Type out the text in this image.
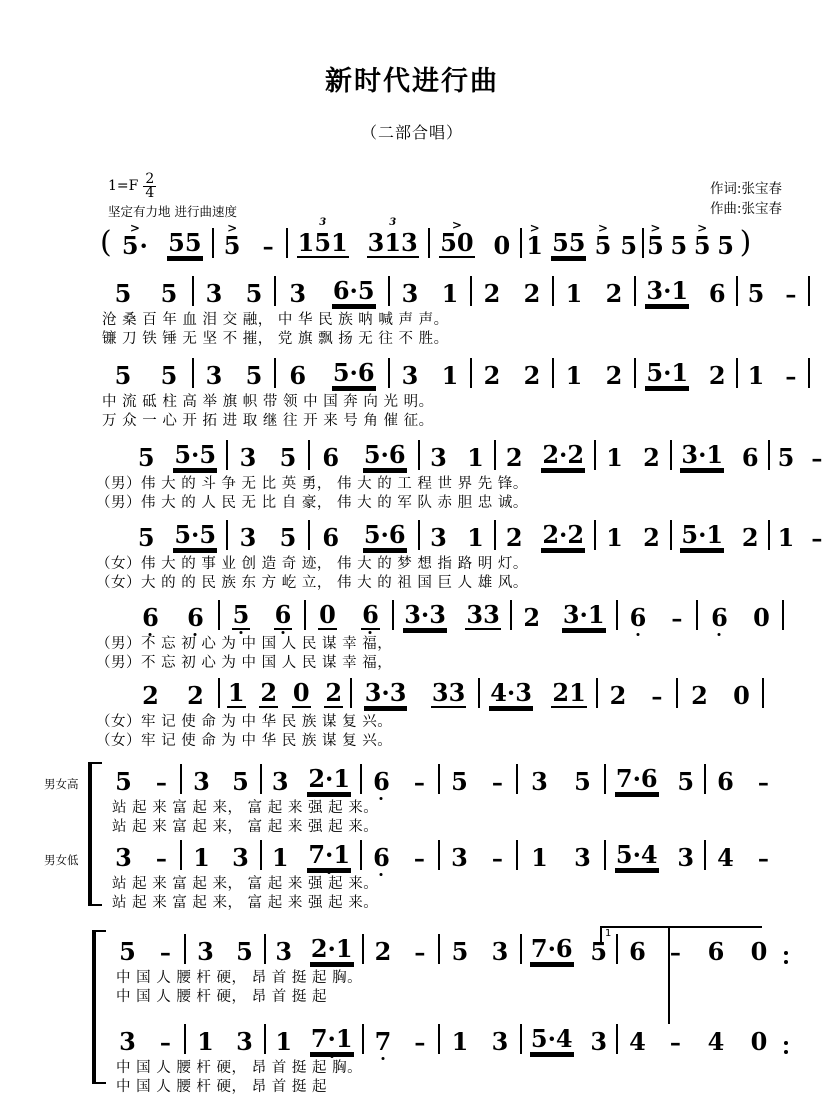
新时代进行曲
（二部合唱）
$1=F \frac{2}{4}$
坚定有力地 进行曲速度
作词:张宝春
作曲:张宝春
( 5
>
· 55 5
>
– 151
3
313
3
50
>
0 1
> 55 5
>
5 5
>
5 5
>
5 )
5 5 3 5 3 6·5 3 1 2 2 1 2 3·1 6 5 –
沧 桑 百 年 血 泪 交 融， 中 华 民 族 呐 喊 声 声。
镰 刀 铁 锤 无 坚 不 摧， 党 旗 飘 扬 无 往 不 胜。
5 5 3 5 6 5·6 3 1 2 2 1 2 5·1 2 1 –
中 流 砥 柱 高 举 旗 帜 带 领 中 国 奔 向 光 明。
万 众 一 心 开 拓 进 取 继 往 开 来 号 角 催 征。
5 5·5 3 5 6 5·6 3 1 2 2·2 1 2 3·1 6 5 –
（男）伟 大 的 斗 争 无 比 英 勇， 伟 大 的 工 程 世 界 先 锋。
（男）伟 大 的 人 民 无 比 自 豪， 伟 大 的 军 队 赤 胆 忠 诚。
5 5·5 3 5 6 5·6 3 1 2 2·2 1 2 5·1 2 1 –
（女）伟 大 的 事 业 创 造 奇 迹， 伟 大 的 梦 想 指 路 明 灯。
（女）大 的 的 民 族 东 方 屹 立， 伟 大 的 祖 国 巨 人 雄 风。
6 6 5 6 0 6 3·3 33 2 3·1 6 – 6 0
（男）不 忘 初 心 为 中 国 人 民 谋 幸 福，
（男）不 忘 初 心 为 中 国 人 民 谋 幸 福，
2 2 1 2 0 2 3·3 33 4·3 21 2 – 2 0
（女）牢 记 使 命 为 中 华 民 族 谋 复 兴。
（女）牢 记 使 命 为 中 华 民 族 谋 复 兴。
男女高 5 – 3 5 3 2·1 6 – 5 – 3 5 7·6 5 6 –
站 起 来 富 起 来， 富 起 来 强 起 来。
站 起 来 富 起 来， 富 起 来 强 起 来。
男女低 3 – 1 3 1 7·1 6 – 3 – 1 3 5·4 3 4 –
站 起 来 富 起 来， 富 起 来 强 起 来。
站 起 来 富 起 来， 富 起 来 强 起 来。
1
5 – 3 5 3 2·1 2 – 5 3 7·6 5 6 – 6 0
中 国 人 腰 杆 硬， 昂 首 挺 起 胸。
中 国 人 腰 杆 硬， 昂 首 挺 起
3 – 1 3 1 7·1 7 – 1 3 5·4 3 4 – 4 0
中 国 人 腰 杆 硬， 昂 首 挺 起 胸。
中 国 人 腰 杆 硬， 昂 首 挺 起
